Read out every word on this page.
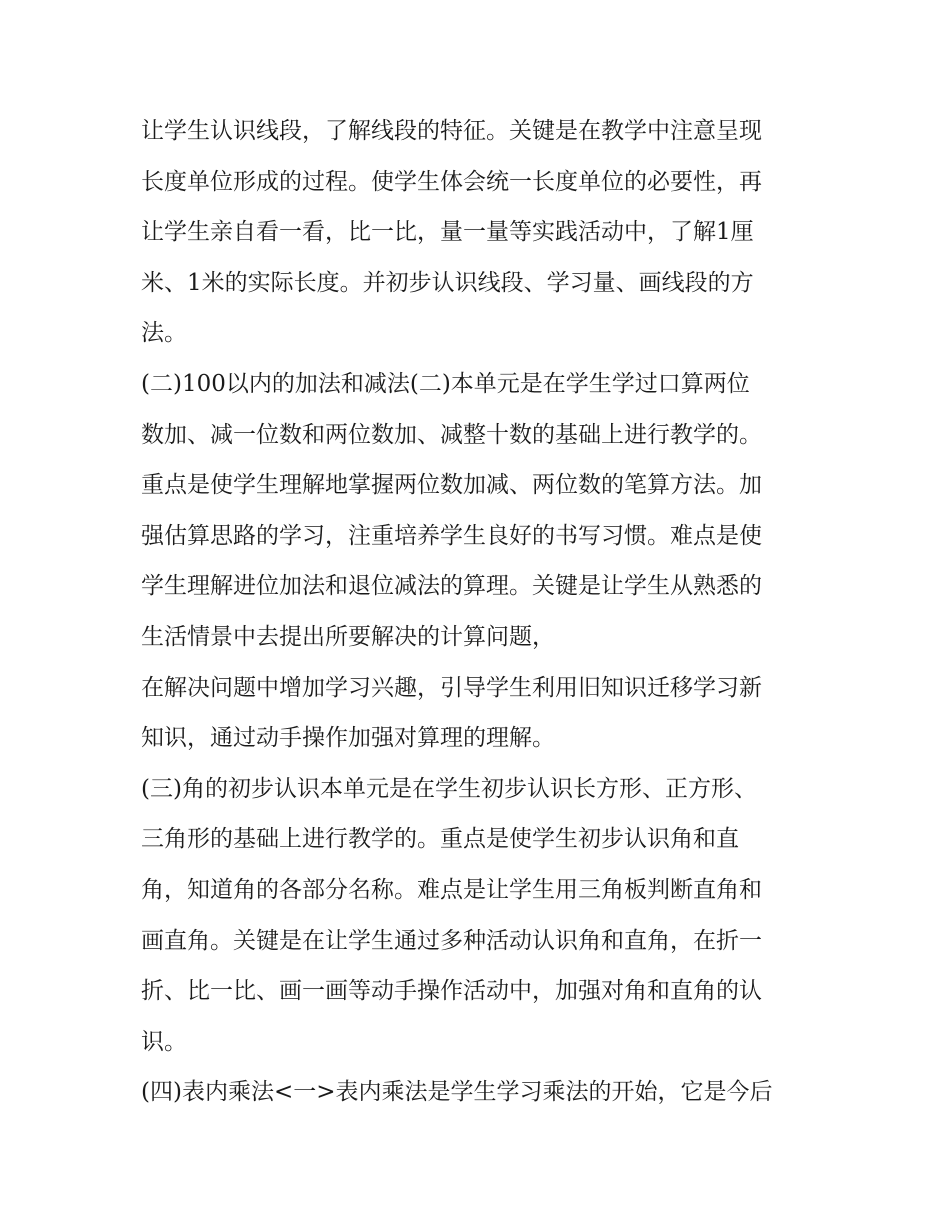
让学生认识线段，了解线段的特征。关键是在教学中注意呈现
长度单位形成的过程。使学生体会统一长度单位的必要性，再
让学生亲自看一看，比一比，量一量等实践活动中，了解1厘
米、1米的实际长度。并初步认识线段、学习量、画线段的方
法。
(二)100以内的加法和减法(二)本单元是在学生学过口算两位
数加、减一位数和两位数加、减整十数的基础上进行教学的。
重点是使学生理解地掌握两位数加减、两位数的笔算方法。加
强估算思路的学习，注重培养学生良好的书写习惯。难点是使
学生理解进位加法和退位减法的算理。关键是让学生从熟悉的
生活情景中去提出所要解决的计算问题，
在解决问题中增加学习兴趣，引导学生利用旧知识迁移学习新
知识，通过动手操作加强对算理的理解。
(三)角的初步认识本单元是在学生初步认识长方形、正方形、
三角形的基础上进行教学的。重点是使学生初步认识角和直
角，知道角的各部分名称。难点是让学生用三角板判断直角和
画直角。关键是在让学生通过多种活动认识角和直角，在折一
折、比一比、画一画等动手操作活动中，加强对角和直角的认
识。
(四)表内乘法<一>表内乘法是学生学习乘法的开始，它是今后
